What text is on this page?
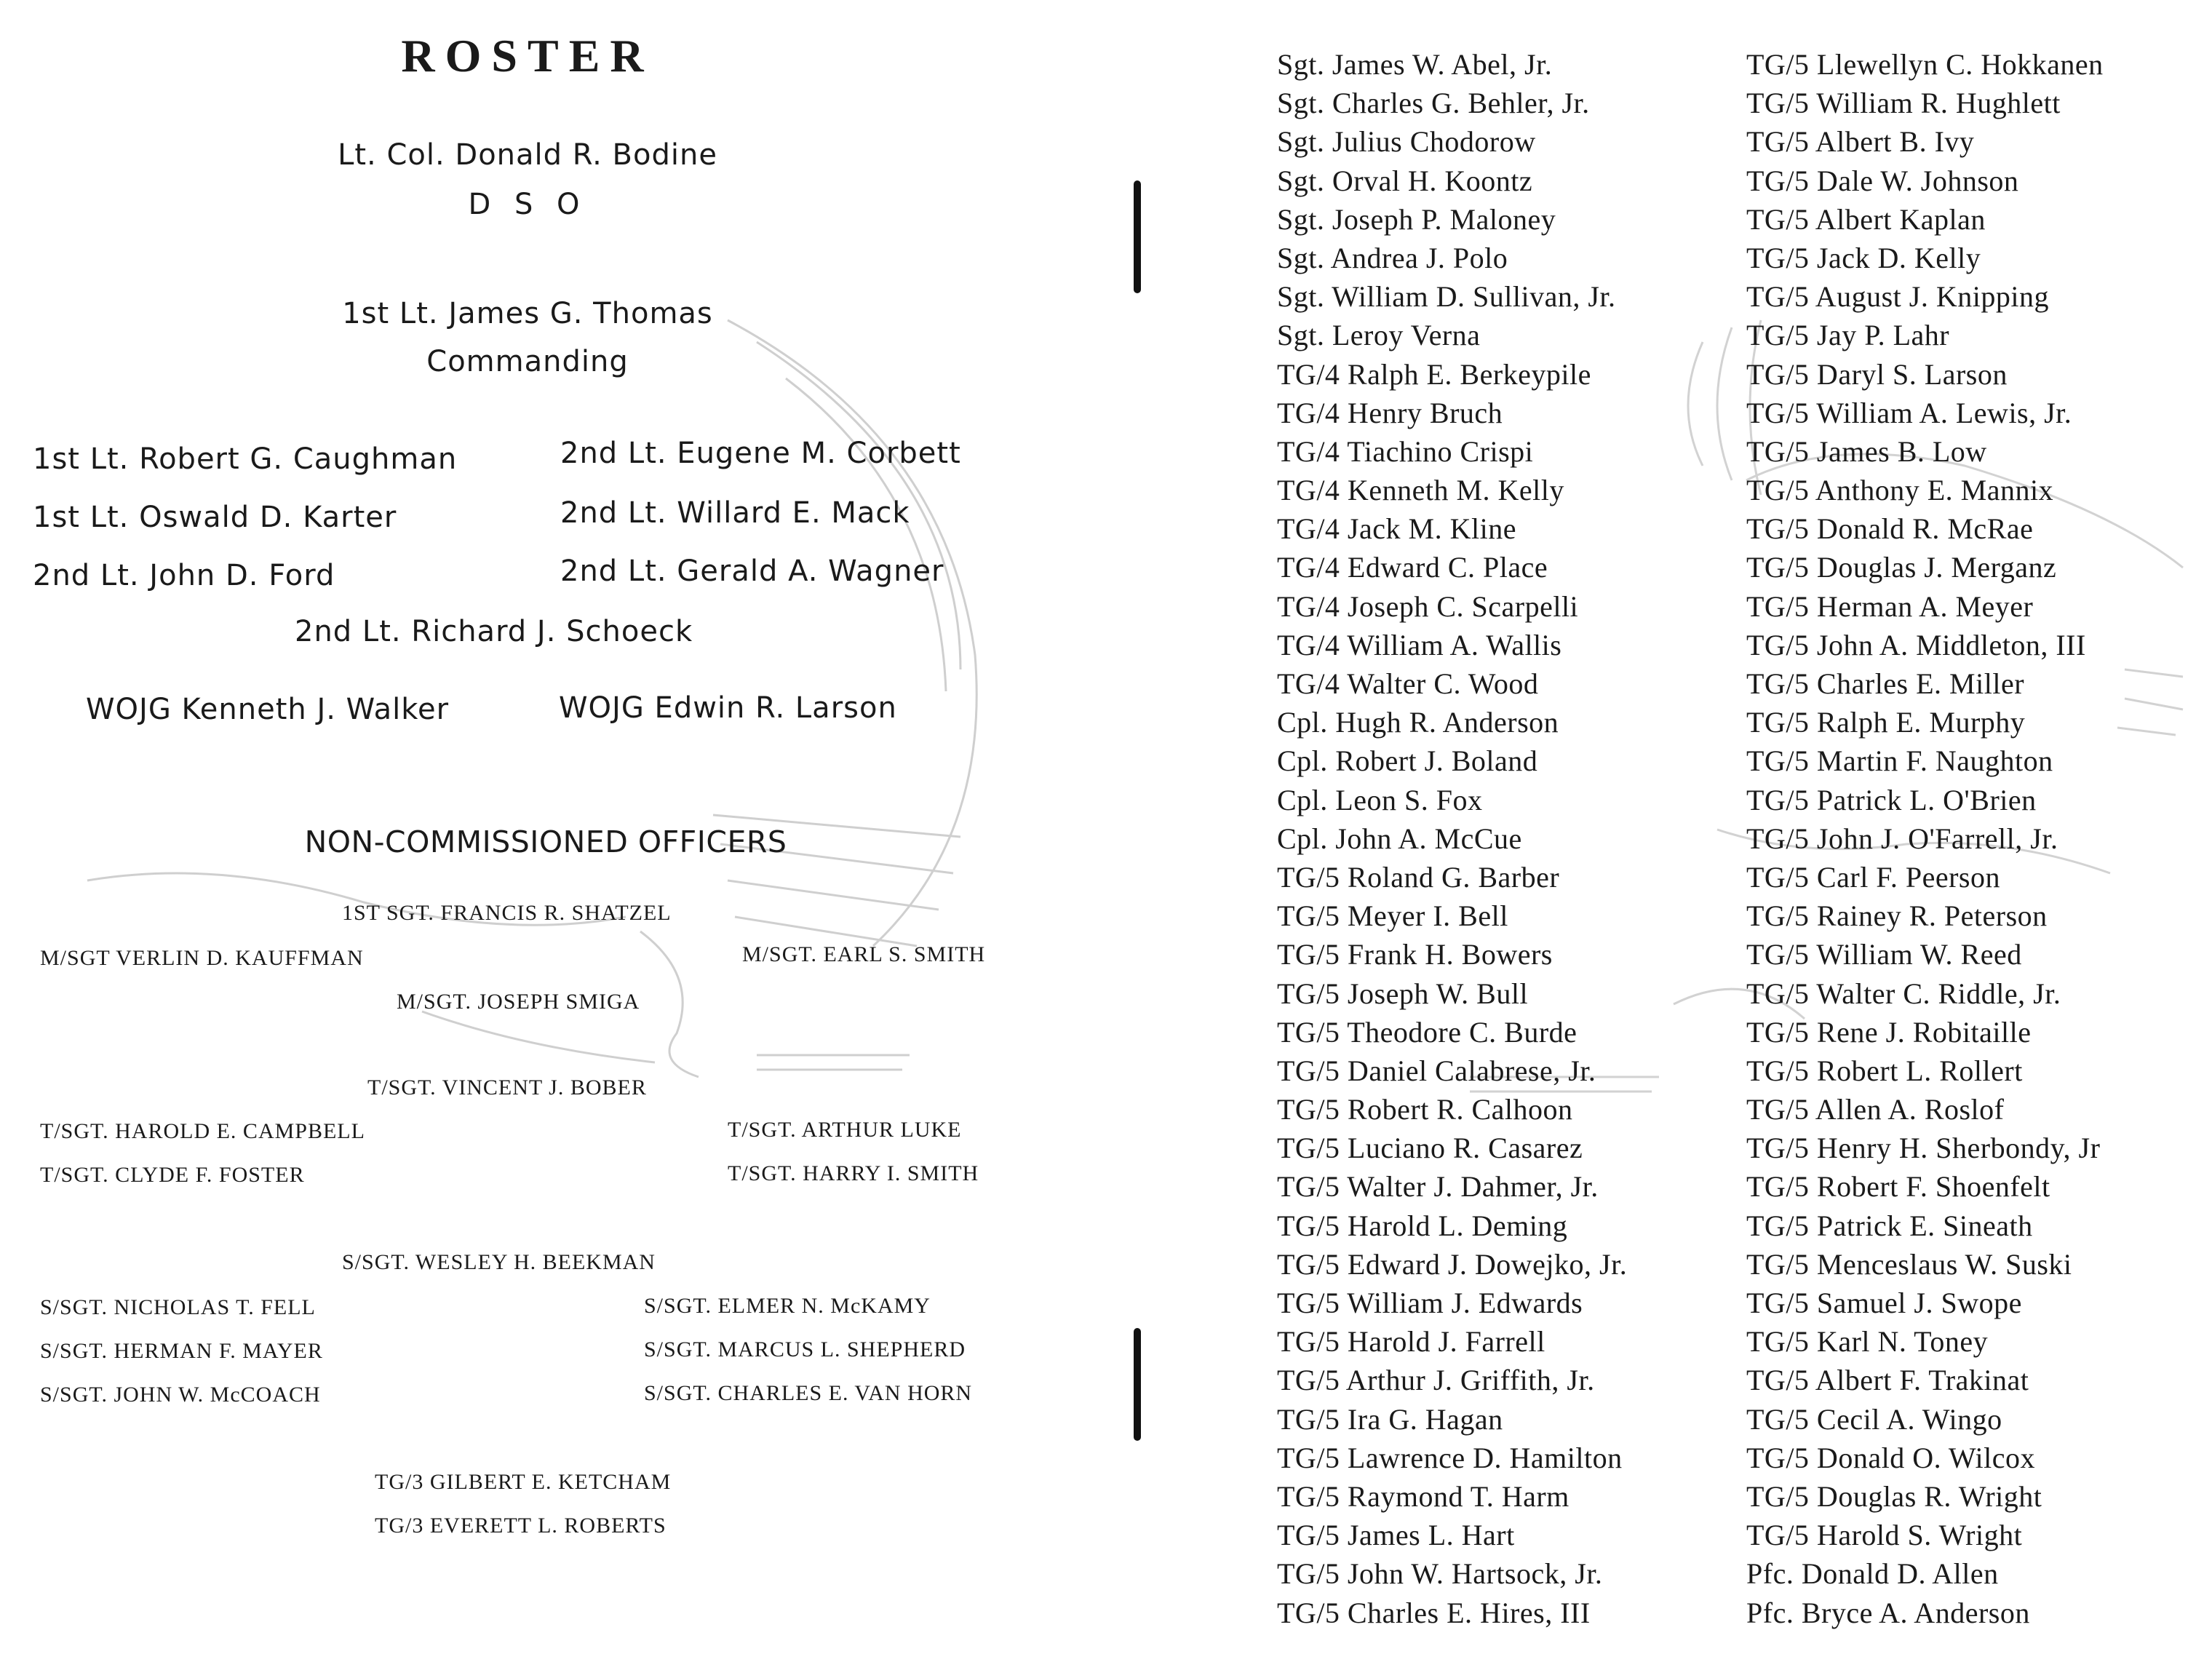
ROSTER
Lt. Col. Donald R. Bodine
D S O
1st Lt. James G. Thomas
Commanding
1st Lt. Robert G. Caughman
1st Lt. Oswald D. Karter
2nd Lt. John D. Ford
2nd Lt. Eugene M. Corbett
2nd Lt. Willard E. Mack
2nd Lt. Gerald A. Wagner
2nd Lt. Richard J. Schoeck
WOJG Kenneth J. Walker	WOJG Edwin R. Larson
NON-COMMISSIONED OFFICERS
1ST SGT. FRANCIS R. SHATZEL
M/SGT VERLIN D. KAUFFMAN	M/SGT. EARL S. SMITH
M/SGT. JOSEPH SMIGA
T/SGT. VINCENT J. BOBER
T/SGT. HAROLD E. CAMPBELL
T/SGT. CLYDE F. FOSTER
T/SGT. ARTHUR LUKE
T/SGT. HARRY I. SMITH
S/SGT. WESLEY H. BEEKMAN
S/SGT. NICHOLAS T. FELL
S/SGT. HERMAN F. MAYER
S/SGT. JOHN W. McCOACH
S/SGT. ELMER N. McKAMY
S/SGT. MARCUS L. SHEPHERD
S/SGT. CHARLES E. VAN HORN
TG/3 GILBERT E. KETCHAM
TG/3 EVERETT L. ROBERTS
Sgt. James W. Abel, Jr.
Sgt. Charles G. Behler, Jr.
Sgt. Julius Chodorow
Sgt. Orval H. Koontz
Sgt. Joseph P. Maloney
Sgt. Andrea J. Polo
Sgt. William D. Sullivan, Jr.
Sgt. Leroy Verna
TG/4 Ralph E. Berkeypile
TG/4 Henry Bruch
TG/4 Tiachino Crispi
TG/4 Kenneth M. Kelly
TG/4 Jack M. Kline
TG/4 Edward C. Place
TG/4 Joseph C. Scarpelli
TG/4 William A. Wallis
TG/4 Walter C. Wood
Cpl. Hugh R. Anderson
Cpl. Robert J. Boland
Cpl. Leon S. Fox
Cpl. John A. McCue
TG/5 Roland G. Barber
TG/5 Meyer I. Bell
TG/5 Frank H. Bowers
TG/5 Joseph W. Bull
TG/5 Theodore C. Burde
TG/5 Daniel Calabrese, Jr.
TG/5 Robert R. Calhoon
TG/5 Luciano R. Casarez
TG/5 Walter J. Dahmer, Jr.
TG/5 Harold L. Deming
TG/5 Edward J. Dowejko, Jr.
TG/5 William J. Edwards
TG/5 Harold J. Farrell
TG/5 Arthur J. Griffith, Jr.
TG/5 Ira G. Hagan
TG/5 Lawrence D. Hamilton
TG/5 Raymond T. Harm
TG/5 James L. Hart
TG/5 John W. Hartsock, Jr.
TG/5 Charles E. Hires, III
TG/5 Llewellyn C. Hokkanen
TG/5 William R. Hughlett
TG/5 Albert B. Ivy
TG/5 Dale W. Johnson
TG/5 Albert Kaplan
TG/5 Jack D. Kelly
TG/5 August J. Knipping
TG/5 Jay P. Lahr
TG/5 Daryl S. Larson
TG/5 William A. Lewis, Jr.
TG/5 James B. Low
TG/5 Anthony E. Mannix
TG/5 Donald R. McRae
TG/5 Douglas J. Merganz
TG/5 Herman A. Meyer
TG/5 John A. Middleton, III
TG/5 Charles E. Miller
TG/5 Ralph E. Murphy
TG/5 Martin F. Naughton
TG/5 Patrick L. O'Brien
TG/5 John J. O'Farrell, Jr.
TG/5 Carl F. Peerson
TG/5 Rainey R. Peterson
TG/5 William W. Reed
TG/5 Walter C. Riddle, Jr.
TG/5 Rene J. Robitaille
TG/5 Robert L. Rollert
TG/5 Allen A. Roslof
TG/5 Henry H. Sherbondy, Jr
TG/5 Robert F. Shoenfelt
TG/5 Patrick E. Sineath
TG/5 Menceslaus W. Suski
TG/5 Samuel J. Swope
TG/5 Karl N. Toney
TG/5 Albert F. Trakinat
TG/5 Cecil A. Wingo
TG/5 Donald O. Wilcox
TG/5 Douglas R. Wright
TG/5 Harold S. Wright
Pfc. Donald D. Allen
Pfc. Bryce A. Anderson
